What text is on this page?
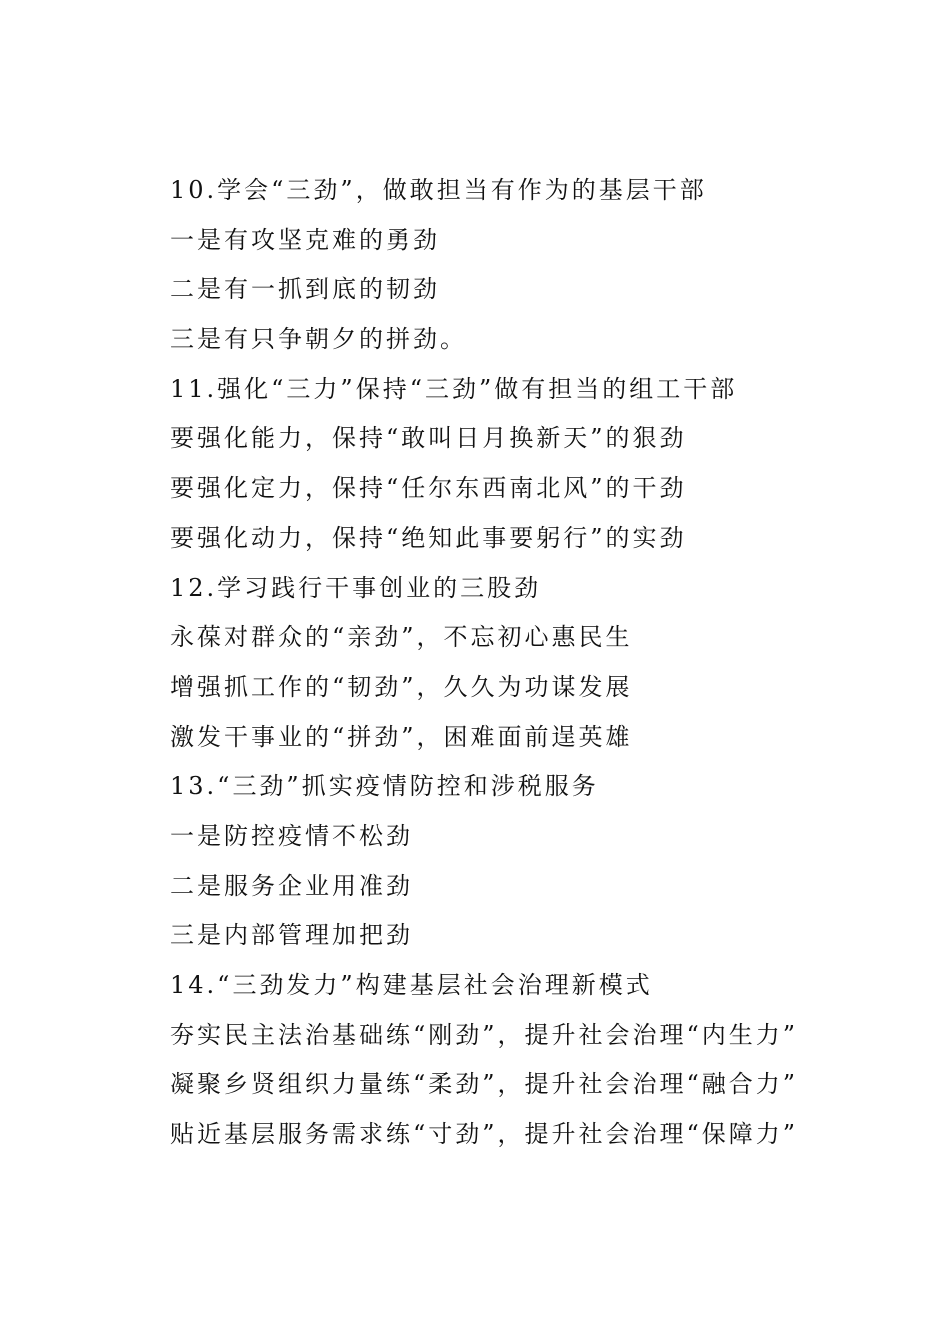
10.学会“三劲”，做敢担当有作为的基层干部
一是有攻坚克难的勇劲
二是有一抓到底的韧劲
三是有只争朝夕的拼劲。
11.强化“三力”保持“三劲”做有担当的组工干部
要强化能力，保持“敢叫日月换新天”的狠劲
要强化定力，保持“任尔东西南北风”的干劲
要强化动力，保持“绝知此事要躬行”的实劲
12.学习践行干事创业的三股劲
永葆对群众的“亲劲”，不忘初心惠民生
增强抓工作的“韧劲”，久久为功谋发展
激发干事业的“拼劲”，困难面前逞英雄
13.“三劲”抓实疫情防控和涉税服务
一是防控疫情不松劲
二是服务企业用准劲
三是内部管理加把劲
14.“三劲发力”构建基层社会治理新模式
夯实民主法治基础练“刚劲”，提升社会治理“内生力”
凝聚乡贤组织力量练“柔劲”，提升社会治理“融合力”
贴近基层服务需求练“寸劲”，提升社会治理“保障力”
